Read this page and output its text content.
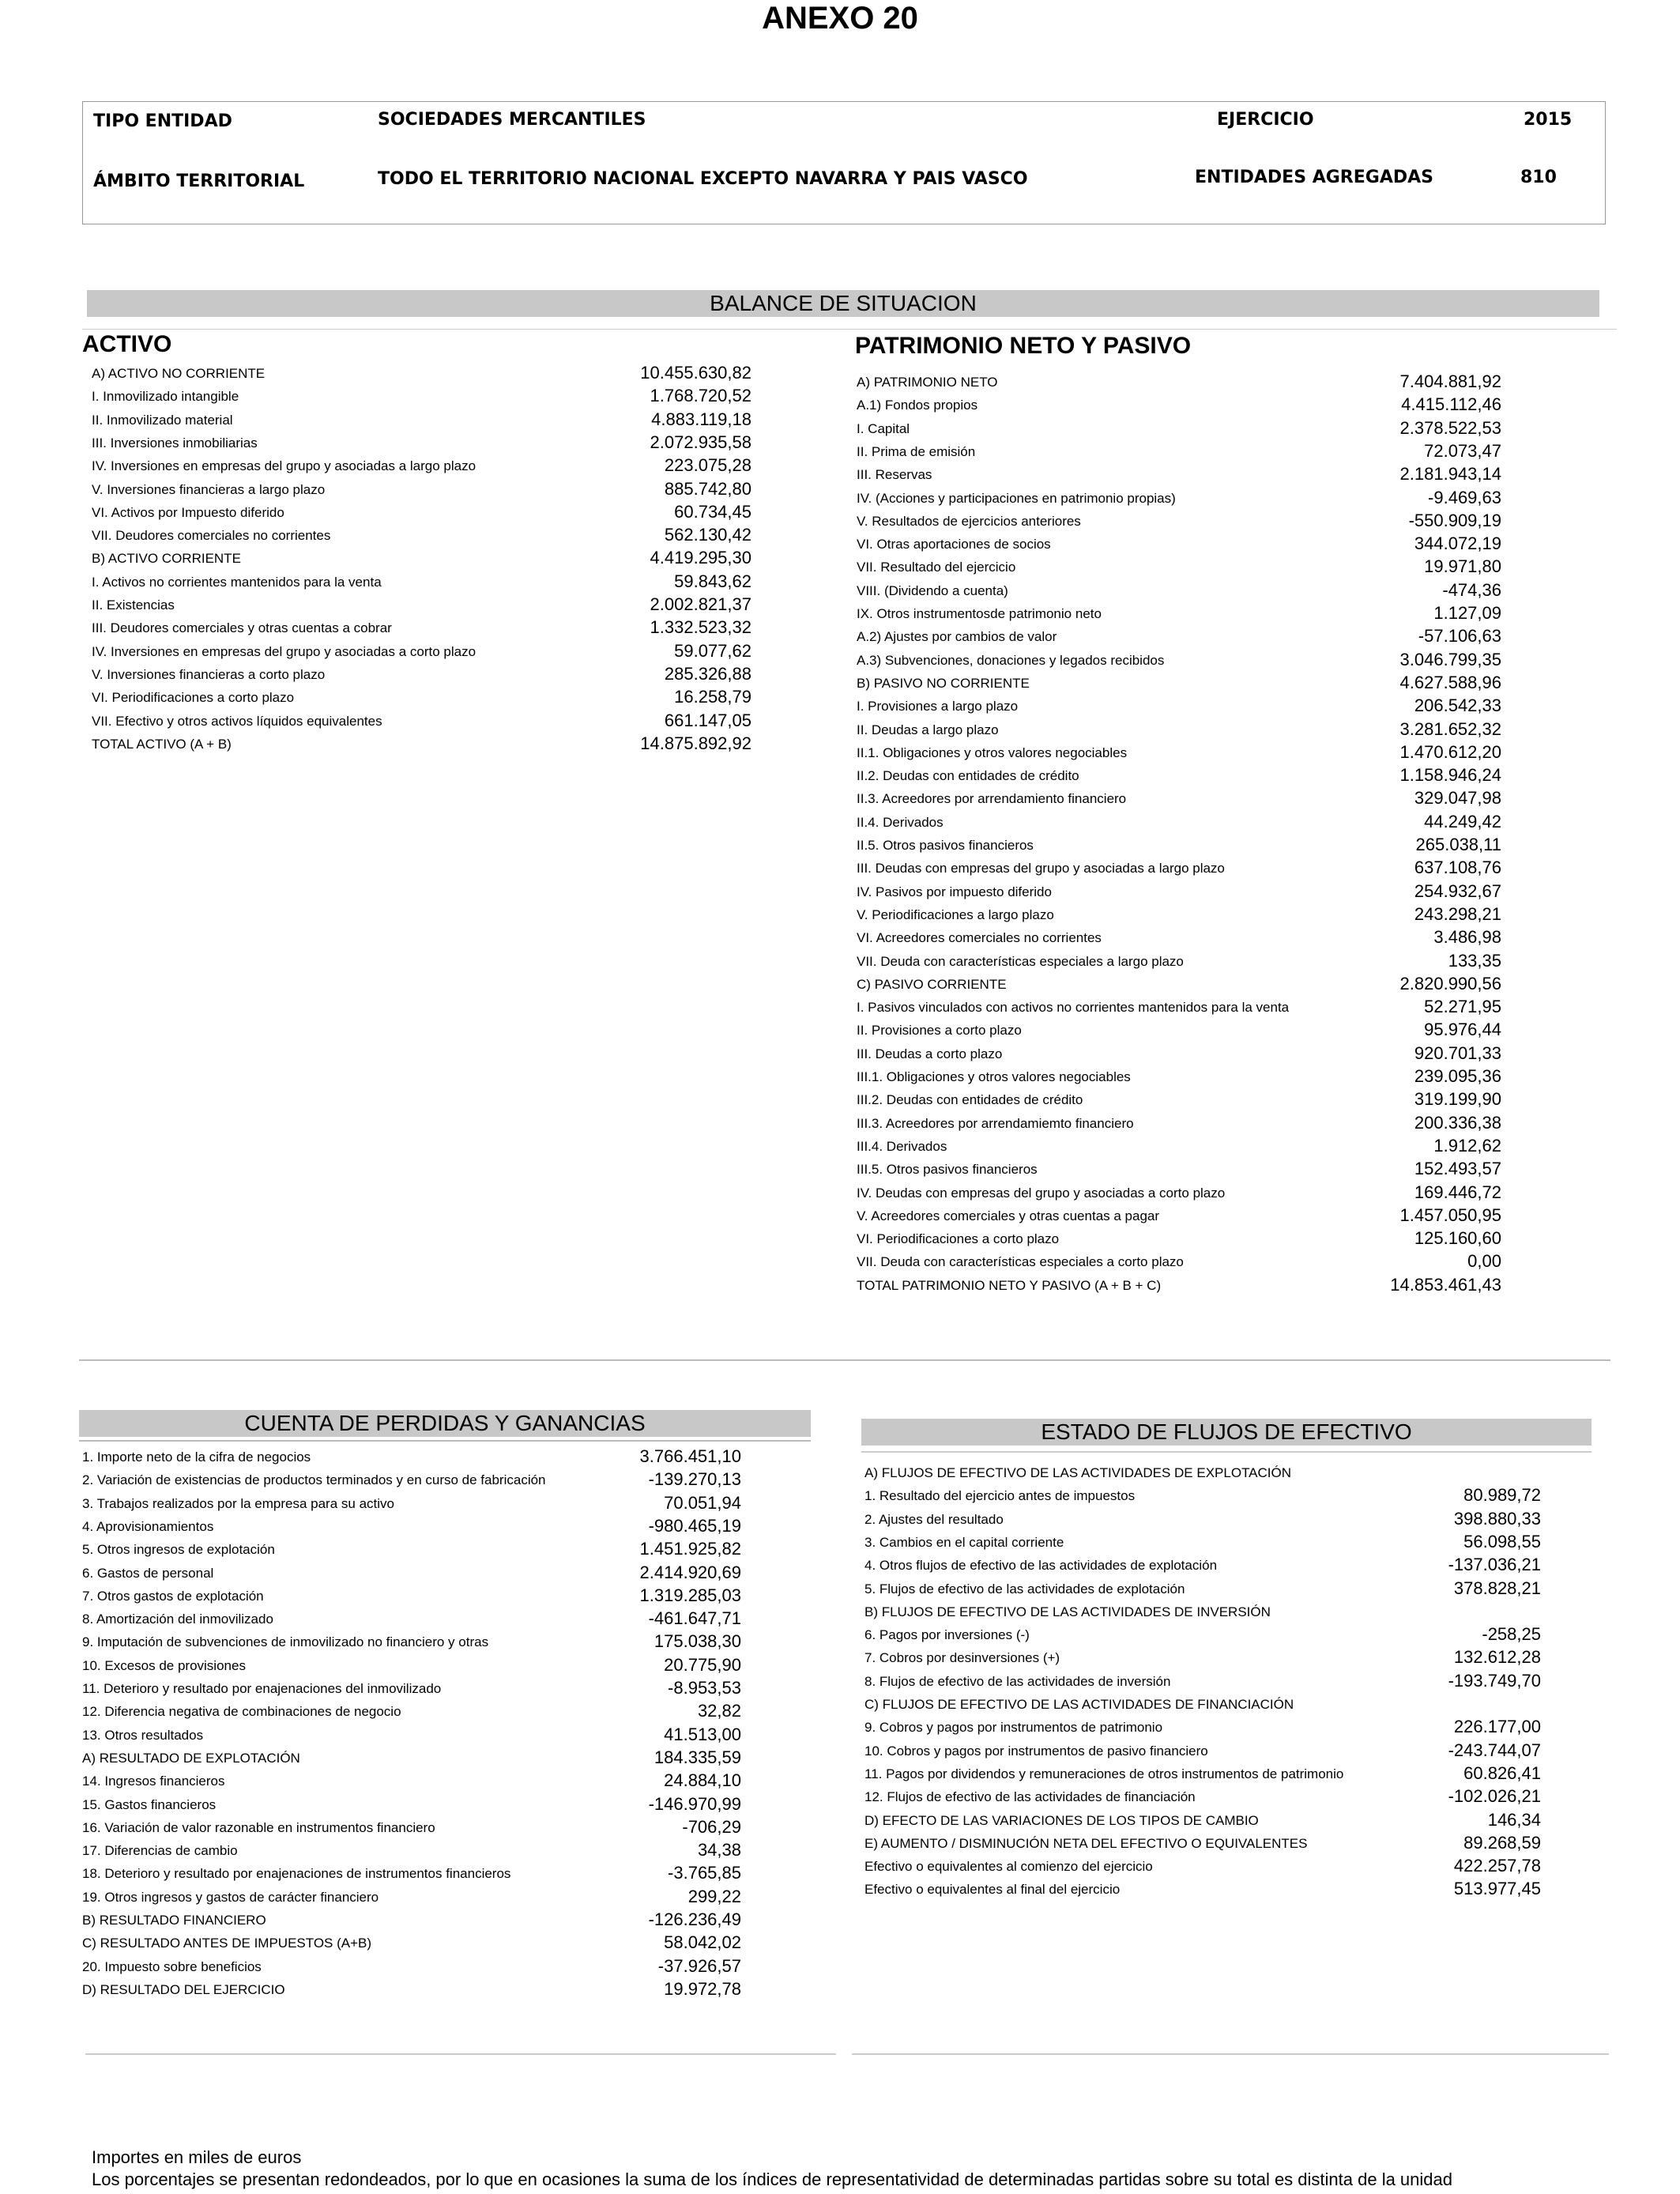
ANEXO 20
TIPO ENTIDAD	SOCIEDADES MERCANTILES	EJERCICIO	2015
ÁMBITO TERRITORIAL	TODO EL TERRITORIO NACIONAL EXCEPTO NAVARRA Y PAIS VASCO	ENTIDADES AGREGADAS	810
BALANCE DE SITUACION
ACTIVO	PATRIMONIO NETO Y PASIVO
A) ACTIVO NO CORRIENTE	10.455.630,82
I. Inmovilizado intangible	1.768.720,52
II. Inmovilizado material	4.883.119,18
III. Inversiones inmobiliarias	2.072.935,58
IV. Inversiones en empresas del grupo y asociadas a largo plazo	223.075,28
V. Inversiones financieras a largo plazo	885.742,80
VI. Activos por Impuesto diferido	60.734,45
VII. Deudores comerciales no corrientes	562.130,42
B) ACTIVO CORRIENTE	4.419.295,30
I. Activos no corrientes mantenidos para la venta	59.843,62
II. Existencias	2.002.821,37
III. Deudores comerciales y otras cuentas a cobrar	1.332.523,32
IV. Inversiones en empresas del grupo y asociadas a corto plazo	59.077,62
V. Inversiones financieras a corto plazo	285.326,88
VI. Periodificaciones a corto plazo	16.258,79
VII. Efectivo y otros activos líquidos equivalentes	661.147,05
TOTAL ACTIVO (A + B)	14.875.892,92
A) PATRIMONIO NETO	7.404.881,92
A.1) Fondos propios	4.415.112,46
I. Capital	2.378.522,53
II. Prima de emisión	72.073,47
III. Reservas	2.181.943,14
IV. (Acciones y participaciones en patrimonio propias)	-9.469,63
V. Resultados de ejercicios anteriores	-550.909,19
VI. Otras aportaciones de socios	344.072,19
VII. Resultado del ejercicio	19.971,80
VIII. (Dividendo a cuenta)	-474,36
IX. Otros instrumentosde patrimonio neto	1.127,09
A.2) Ajustes por cambios de valor	-57.106,63
A.3) Subvenciones, donaciones y legados recibidos	3.046.799,35
B) PASIVO NO CORRIENTE	4.627.588,96
I. Provisiones a largo plazo	206.542,33
II. Deudas a largo plazo	3.281.652,32
II.1. Obligaciones y otros valores negociables	1.470.612,20
II.2. Deudas con entidades de crédito	1.158.946,24
II.3. Acreedores por arrendamiento financiero	329.047,98
II.4. Derivados	44.249,42
II.5. Otros pasivos financieros	265.038,11
III. Deudas con empresas del grupo y asociadas a largo plazo	637.108,76
IV. Pasivos por impuesto diferido	254.932,67
V. Periodificaciones a largo plazo	243.298,21
VI. Acreedores comerciales no corrientes	3.486,98
VII. Deuda con características especiales a largo plazo	133,35
C) PASIVO CORRIENTE	2.820.990,56
I. Pasivos vinculados con activos no corrientes mantenidos para la venta	52.271,95
II. Provisiones a corto plazo	95.976,44
III. Deudas a corto plazo	920.701,33
III.1. Obligaciones y otros valores negociables	239.095,36
III.2. Deudas con entidades de crédito	319.199,90
III.3. Acreedores por arrendamiemto financiero	200.336,38
III.4. Derivados	1.912,62
III.5. Otros pasivos financieros	152.493,57
IV. Deudas con empresas del grupo y asociadas a corto plazo	169.446,72
V. Acreedores comerciales y otras cuentas a pagar	1.457.050,95
VI. Periodificaciones a corto plazo	125.160,60
VII. Deuda con características especiales a corto plazo	0,00
TOTAL PATRIMONIO NETO Y PASIVO (A + B + C)	14.853.461,43
CUENTA DE PERDIDAS Y GANANCIAS
1. Importe neto de la cifra de negocios	3.766.451,10
2. Variación de existencias de productos terminados y en curso de fabricación	-139.270,13
3. Trabajos realizados por la empresa para su activo	70.051,94
4. Aprovisionamientos	-980.465,19
5. Otros ingresos de explotación	1.451.925,82
6. Gastos de personal	2.414.920,69
7. Otros gastos de explotación	1.319.285,03
8. Amortización del inmovilizado	-461.647,71
9. Imputación de subvenciones de inmovilizado no financiero y otras	175.038,30
10. Excesos de provisiones	20.775,90
11. Deterioro y resultado por enajenaciones del inmovilizado	-8.953,53
12. Diferencia negativa de combinaciones de negocio	32,82
13. Otros resultados	41.513,00
A) RESULTADO DE EXPLOTACIÓN	184.335,59
14. Ingresos financieros	24.884,10
15. Gastos financieros	-146.970,99
16. Variación de valor razonable en instrumentos financiero	-706,29
17. Diferencias de cambio	34,38
18. Deterioro y resultado por enajenaciones de instrumentos financieros	-3.765,85
19. Otros ingresos y gastos de carácter financiero	299,22
B) RESULTADO FINANCIERO	-126.236,49
C) RESULTADO ANTES DE IMPUESTOS (A+B)	58.042,02
20. Impuesto sobre beneficios	-37.926,57
D) RESULTADO DEL EJERCICIO	19.972,78
ESTADO DE FLUJOS DE EFECTIVO
A) FLUJOS DE EFECTIVO DE LAS ACTIVIDADES DE EXPLOTACIÓN
1. Resultado del ejercicio antes de impuestos	80.989,72
2. Ajustes del resultado	398.880,33
3. Cambios en el capital corriente	56.098,55
4. Otros flujos de efectivo de las actividades de explotación	-137.036,21
5. Flujos de efectivo de las actividades de explotación	378.828,21
B) FLUJOS DE EFECTIVO DE LAS ACTIVIDADES DE INVERSIÓN
6. Pagos por inversiones (-)	-258,25
7. Cobros por desinversiones (+)	132.612,28
8. Flujos de efectivo de las actividades de inversión	-193.749,70
C) FLUJOS DE EFECTIVO DE LAS ACTIVIDADES DE FINANCIACIÓN
9. Cobros y pagos por instrumentos de patrimonio	226.177,00
10. Cobros y pagos por instrumentos de pasivo financiero	-243.744,07
11. Pagos por dividendos y remuneraciones de otros instrumentos de patrimonio	60.826,41
12. Flujos de efectivo de las actividades de financiación	-102.026,21
D) EFECTO DE LAS VARIACIONES DE LOS TIPOS DE CAMBIO	146,34
E) AUMENTO / DISMINUCIÓN NETA DEL EFECTIVO O EQUIVALENTES	89.268,59
Efectivo o equivalentes al comienzo del ejercicio	422.257,78
Efectivo o equivalentes al final del ejercicio	513.977,45
Importes en miles de euros
Los porcentajes se presentan redondeados, por lo que en ocasiones la suma de los índices de representatividad de determinadas partidas sobre su total es distinta de la unidad
